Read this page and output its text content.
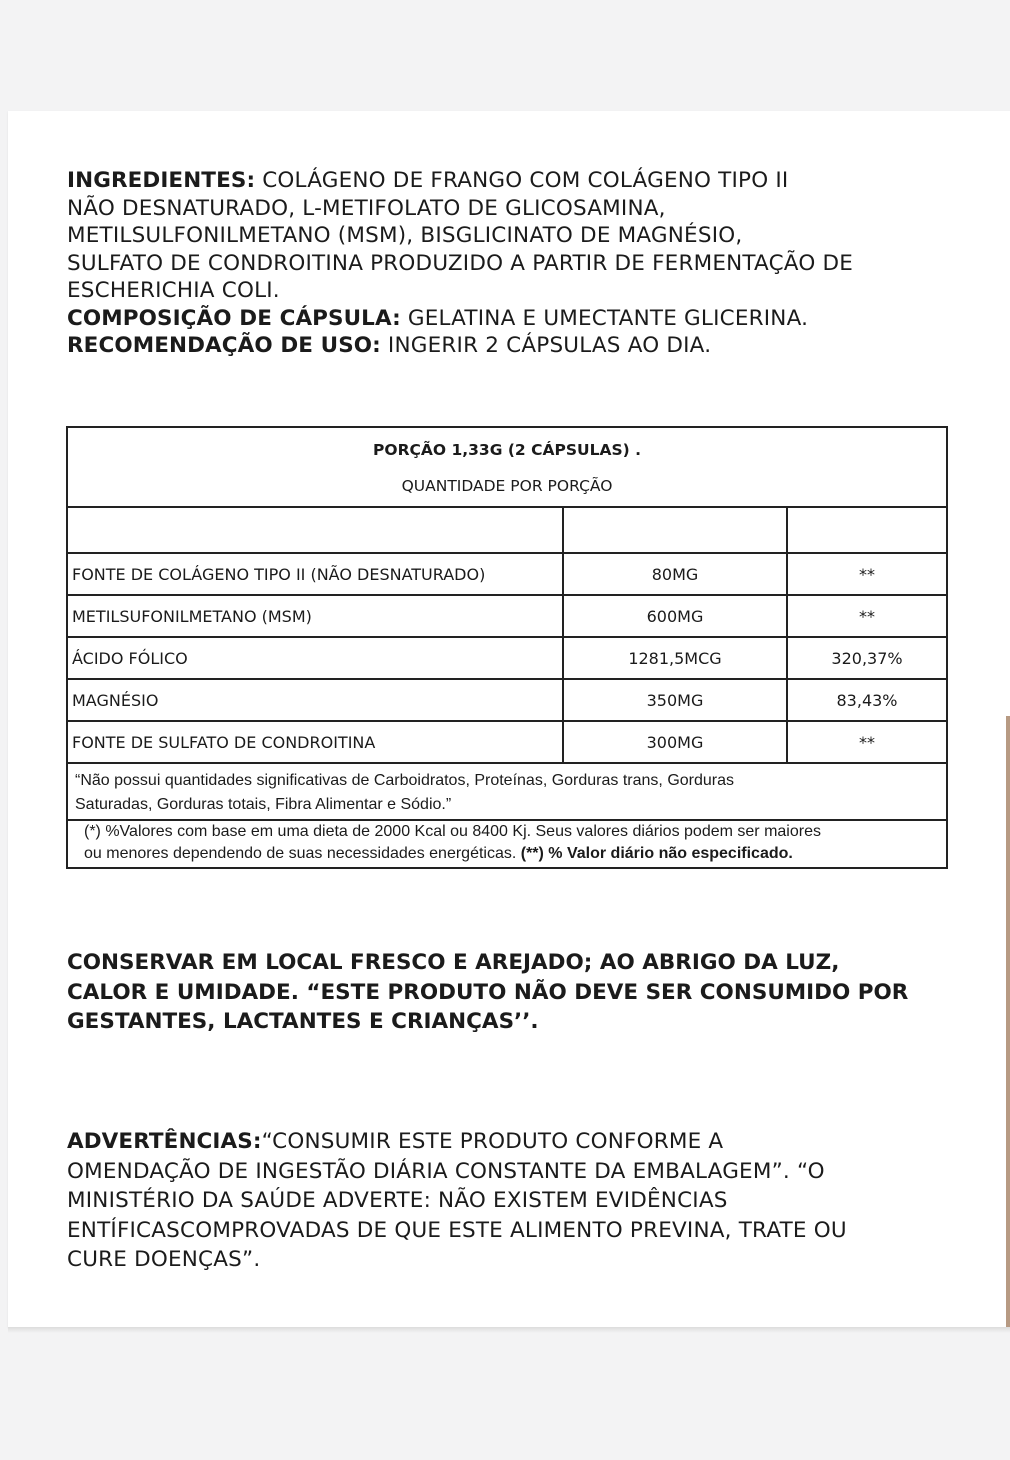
INGREDIENTES: COLÁGENO DE FRANGO COM COLÁGENO TIPO II
NÃO DESNATURADO, L-METIFOLATO DE GLICOSAMINA,
METILSULFONILMETANO (MSM), BISGLICINATO DE MAGNÉSIO,
SULFATO DE CONDROITINA PRODUZIDO A PARTIR DE FERMENTAÇÃO DE
ESCHERICHIA COLI.
COMPOSIÇÃO DE CÁPSULA: GELATINA E UMECTANTE GLICERINA.
RECOMENDAÇÃO DE USO: INGERIR 2 CÁPSULAS AO DIA.
PORÇÃO 1,33G (2 CÁPSULAS) .
QUANTIDADE POR PORÇÃO		

FONTE DE COLÁGENO TIPO II (NÃO DESNATURADO)	80MG	**
METILSUFONILMETANO (MSM)	600MG	**
ÁCIDO FÓLICO	1281,5MCG	320,37%
MAGNÉSIO	350MG	83,43%
FONTE DE SULFATO DE CONDROITINA	300MG	**

“Não possui quantidades significativas de Carboidratos, Proteínas, Gorduras trans, Gorduras
Saturadas, Gorduras totais, Fibra Alimentar e Sódio.”		

(*) %Valores com base em uma dieta de 2000 Kcal ou 8400 Kj. Seus valores diários podem ser maiores
ou menores dependendo de suas necessidades energéticas. (**) % Valor diário não especificado.		
CONSERVAR EM LOCAL FRESCO E AREJADO; AO ABRIGO DA LUZ,
CALOR E UMIDADE. “ESTE PRODUTO NÃO DEVE SER CONSUMIDO POR
GESTANTES, LACTANTES E CRIANÇAS’’.
ADVERTÊNCIAS:“CONSUMIR ESTE PRODUTO CONFORME A
OMENDAÇÃO DE INGESTÃO DIÁRIA CONSTANTE DA EMBALAGEM”. “O
MINISTÉRIO DA SAÚDE ADVERTE: NÃO EXISTEM EVIDÊNCIAS
ENTÍFICASCOMPROVADAS DE QUE ESTE ALIMENTO PREVINA, TRATE OU
CURE DOENÇAS”.
